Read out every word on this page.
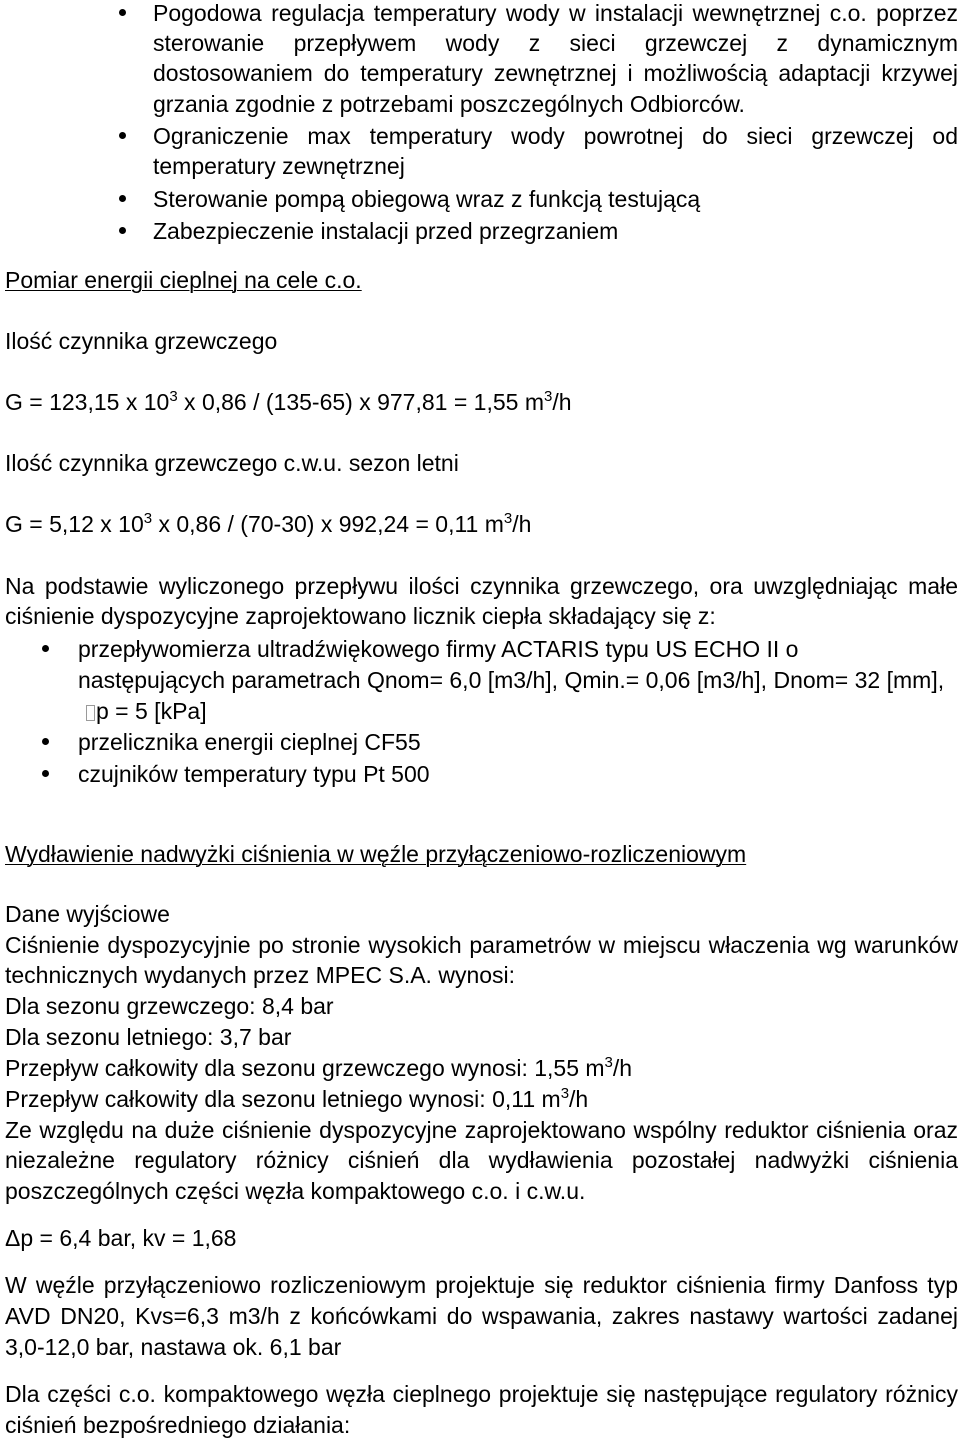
Pogodowa regulacja temperatury wody w instalacji wewnętrznej c.o. poprzez
sterowanie przepływem wody z sieci grzewczej z dynamicznym
dostosowaniem do temperatury zewnętrznej i możliwością adaptacji krzywej
grzania zgodnie z potrzebami poszczególnych Odbiorców.
Ograniczenie max temperatury wody powrotnej do sieci grzewczej od
temperatury zewnętrznej
Sterowanie pompą obiegową wraz z funkcją testującą
Zabezpieczenie instalacji przed przegrzaniem
Pomiar energii cieplnej na cele c.o.
Ilość czynnika grzewczego
G = 123,15 x $10^3$ x 0,86 / (135-65) x 977,81 = 1,55 $m^3/h$
Ilość czynnika grzewczego c.w.u. sezon letni
G = 5,12 x $10^3$ x 0,86 / (70-30) x 992,24 = 0,11 $m^3/h$
Na podstawie wyliczonego przepływu ilości czynnika grzewczego, ora uwzględniając małe
ciśnienie dyspozycyjne zaprojektowano licznik ciepła składający się z:
przepływomierza ultradźwiękowego firmy ACTARIS typu US ECHO II o
następujących parametrach Qnom= 6,0 [m3/h], Qmin.= 0,06 [m3/h], Dnom= 32 [mm],
p = 5 [kPa]
przelicznika energii cieplnej CF55
czujników temperatury typu Pt 500
Wydławienie nadwyżki ciśnienia w węźle przyłączeniowo-rozliczeniowym
Dane wyjściowe
Ciśnienie dyspozycyjnie po stronie wysokich parametrów w miejscu właczenia wg warunków
technicznych wydanych przez MPEC S.A. wynosi:
Dla sezonu grzewczego: 8,4 bar
Dla sezonu letniego: 3,7 bar
Przepływ całkowity dla sezonu grzewczego wynosi: 1,55 $m^3/h$
Przepływ całkowity dla sezonu letniego wynosi: 0,11 $m^3/h$
Ze względu na duże ciśnienie dyspozycyjne zaprojektowano wspólny reduktor ciśnienia oraz
niezależne regulatory różnicy ciśnień dla wydławienia pozostałej nadwyżki ciśnienia
poszczególnych części węzła kompaktowego c.o. i c.w.u.
Δp = 6,4 bar, kv = 1,68
W węźle przyłączeniowo rozliczeniowym projektuje się reduktor ciśnienia firmy Danfoss typ
AVD DN20, Kvs=6,3 m3/h z końcówkami do wspawania, zakres nastawy wartości zadanej
3,0-12,0 bar, nastawa ok. 6,1 bar
Dla części c.o. kompaktowego węzła cieplnego projektuje się następujące regulatory różnicy
ciśnień bezpośredniego działania:
